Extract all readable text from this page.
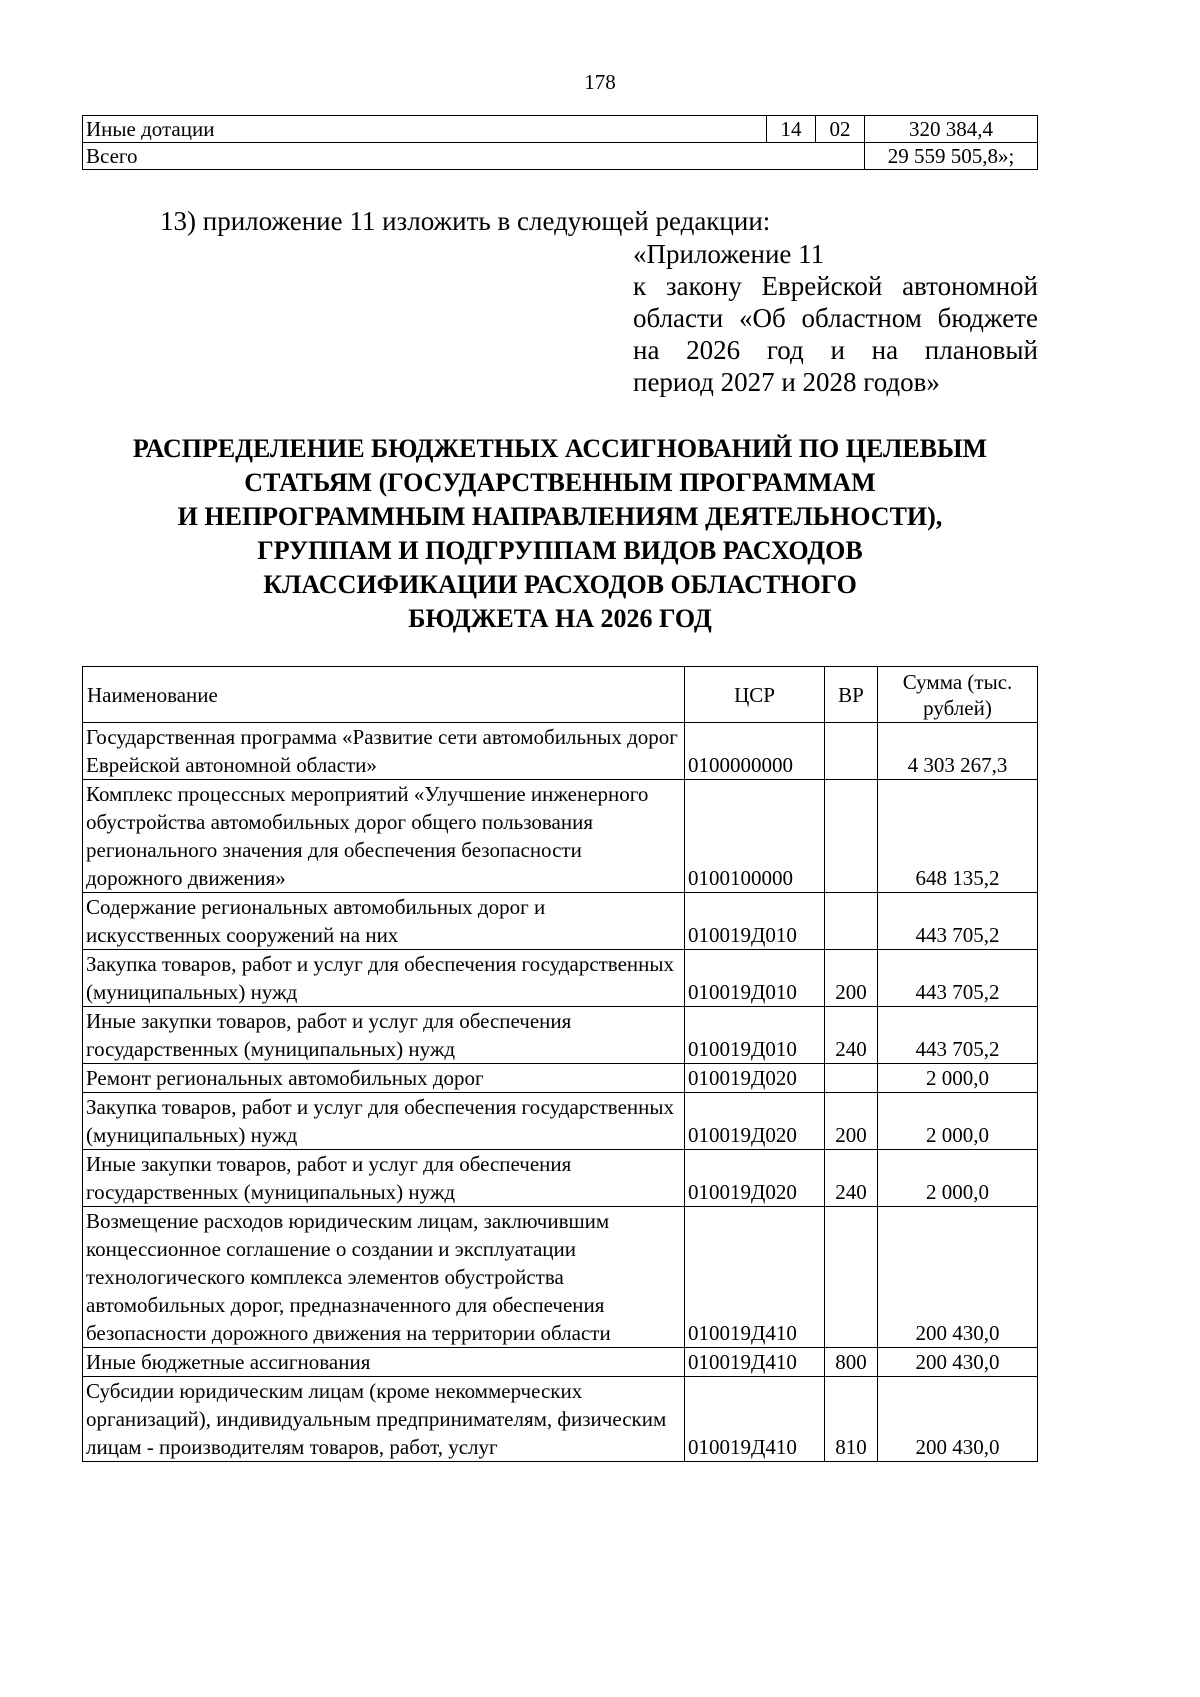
178
Иные дотации	14	02	320 384,4
Всего			29 559 505,8»;
13) приложение 11 изложить в следующей редакции:
«Приложение 11
к закону Еврейской автономной
области «Об областном бюджете
на 2026 год и на плановый
период 2027 и 2028 годов»
РАСПРЕДЕЛЕНИЕ БЮДЖЕТНЫХ АССИГНОВАНИЙ ПО ЦЕЛЕВЫМ
СТАТЬЯМ (ГОСУДАРСТВЕННЫМ ПРОГРАММАМ
И НЕПРОГРАММНЫМ НАПРАВЛЕНИЯМ ДЕЯТЕЛЬНОСТИ),
ГРУППАМ И ПОДГРУППАМ ВИДОВ РАСХОДОВ
КЛАССИФИКАЦИИ РАСХОДОВ ОБЛАСТНОГО
БЮДЖЕТА НА 2026 ГОД
Наименование	ЦСР	ВР	Сумма (тыс. рублей)
Государственная программа «Развитие сети автомобильных дорог Еврейской автономной области»	0100000000		4 303 267,3
Комплекс процессных мероприятий «Улучшение инженерного обустройства автомобильных дорог общего пользования регионального значения для обеспечения безопасности дорожного движения»	0100100000		648 135,2
Содержание региональных автомобильных дорог и искусственных сооружений на них	010019Д010		443 705,2
Закупка товаров, работ и услуг для обеспечения государственных (муниципальных) нужд	010019Д010	200	443 705,2
Иные закупки товаров, работ и услуг для обеспечения государственных (муниципальных) нужд	010019Д010	240	443 705,2
Ремонт региональных автомобильных дорог	010019Д020		2 000,0
Закупка товаров, работ и услуг для обеспечения государственных (муниципальных) нужд	010019Д020	200	2 000,0
Иные закупки товаров, работ и услуг для обеспечения государственных (муниципальных) нужд	010019Д020	240	2 000,0
Возмещение расходов юридическим лицам, заключившим концессионное соглашение о создании и эксплуатации технологического комплекса элементов обустройства автомобильных дорог, предназначенного для обеспечения безопасности дорожного движения на территории области	010019Д410		200 430,0
Иные бюджетные ассигнования	010019Д410	800	200 430,0
Субсидии юридическим лицам (кроме некоммерческих организаций), индивидуальным предпринимателям, физическим лицам - производителям товаров, работ, услуг	010019Д410	810	200 430,0
